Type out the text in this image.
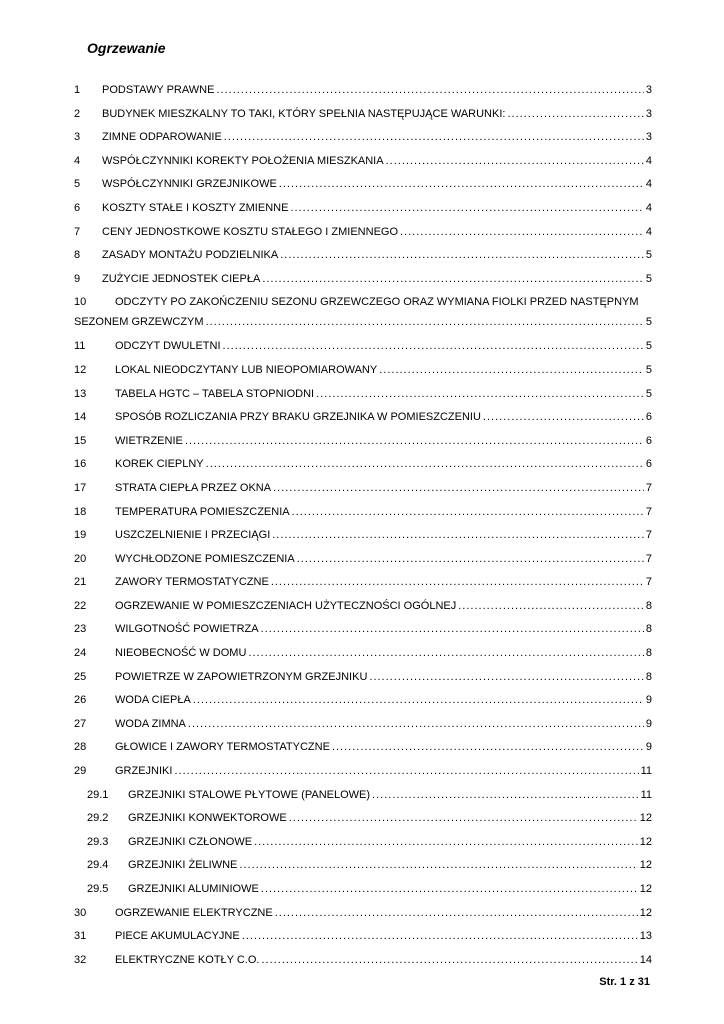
Ogrzewanie
1	PODSTAWY PRAWNE .....	3
2	BUDYNEK MIESZKALNY TO TAKI, KTÓRY SPEŁNIA NASTĘPUJĄCE WARUNKI: .....	3
3	ZIMNE ODPAROWANIE .....	3
4	WSPÓŁCZYNNIKI KOREKTY POŁOŻENIA MIESZKANIA .....	4
5	WSPÓŁCZYNNIKI GRZEJNIKOWE .....	4
6	KOSZTY STAŁE I KOSZTY ZMIENNE .....	4
7	CENY JEDNOSTKOWE KOSZTU STAŁEGO I ZMIENNEGO .....	4
8	ZASADY MONTAŻU PODZIELNIKA .....	5
9	ZUŻYCIE JEDNOSTEK CIEPŁA .....	5
10	ODCZYTY PO ZAKOŃCZENIU SEZONU GRZEWCZEGO ORAZ WYMIANA FIOLKI PRZED NASTĘPNYM
SEZONEM GRZEWCZYM .....	5
11	ODCZYT DWULETNI .....	5
12	LOKAL NIEODCZYTANY LUB NIEOPOMIAROWANY .....	5
13	TABELA HGTC – TABELA STOPNIODNI .....	5
14	SPOSÓB ROZLICZANIA PRZY BRAKU GRZEJNIKA W POMIESZCZENIU .....	6
15	WIETRZENIE .....	6
16	KOREK CIEPLNY .....	6
17	STRATA CIEPŁA PRZEZ OKNA .....	7
18	TEMPERATURA POMIESZCZENIA .....	7
19	USZCZELNIENIE I PRZECIĄGI .....	7
20	WYCHŁODZONE POMIESZCZENIA .....	7
21	ZAWORY TERMOSTATYCZNE .....	7
22	OGRZEWANIE W POMIESZCZENIACH UŻYTECZNOŚCI OGÓLNEJ .....	8
23	WILGOTNOŚĆ POWIETRZA .....	8
24	NIEOBECNOŚĆ W DOMU .....	8
25	POWIETRZE W ZAPOWIETRZONYM GRZEJNIKU .....	8
26	WODA CIEPŁA .....	9
27	WODA ZIMNA .....	9
28	GŁOWICE I ZAWORY TERMOSTATYCZNE .....	9
29	GRZEJNIKI .....	11
29.1	GRZEJNIKI STALOWE PŁYTOWE (PANELOWE) .....	11
29.2	GRZEJNIKI KONWEKTOROWE .....	12
29.3	GRZEJNIKI CZŁONOWE .....	12
29.4	GRZEJNIKI ŻELIWNE .....	12
29.5	GRZEJNIKI ALUMINIOWE .....	12
30	OGRZEWANIE ELEKTRYCZNE .....	12
31	PIECE AKUMULACYJNE .....	13
32	ELEKTRYCZNE KOTŁY C.O. .....	14
Str. 1 z 31
